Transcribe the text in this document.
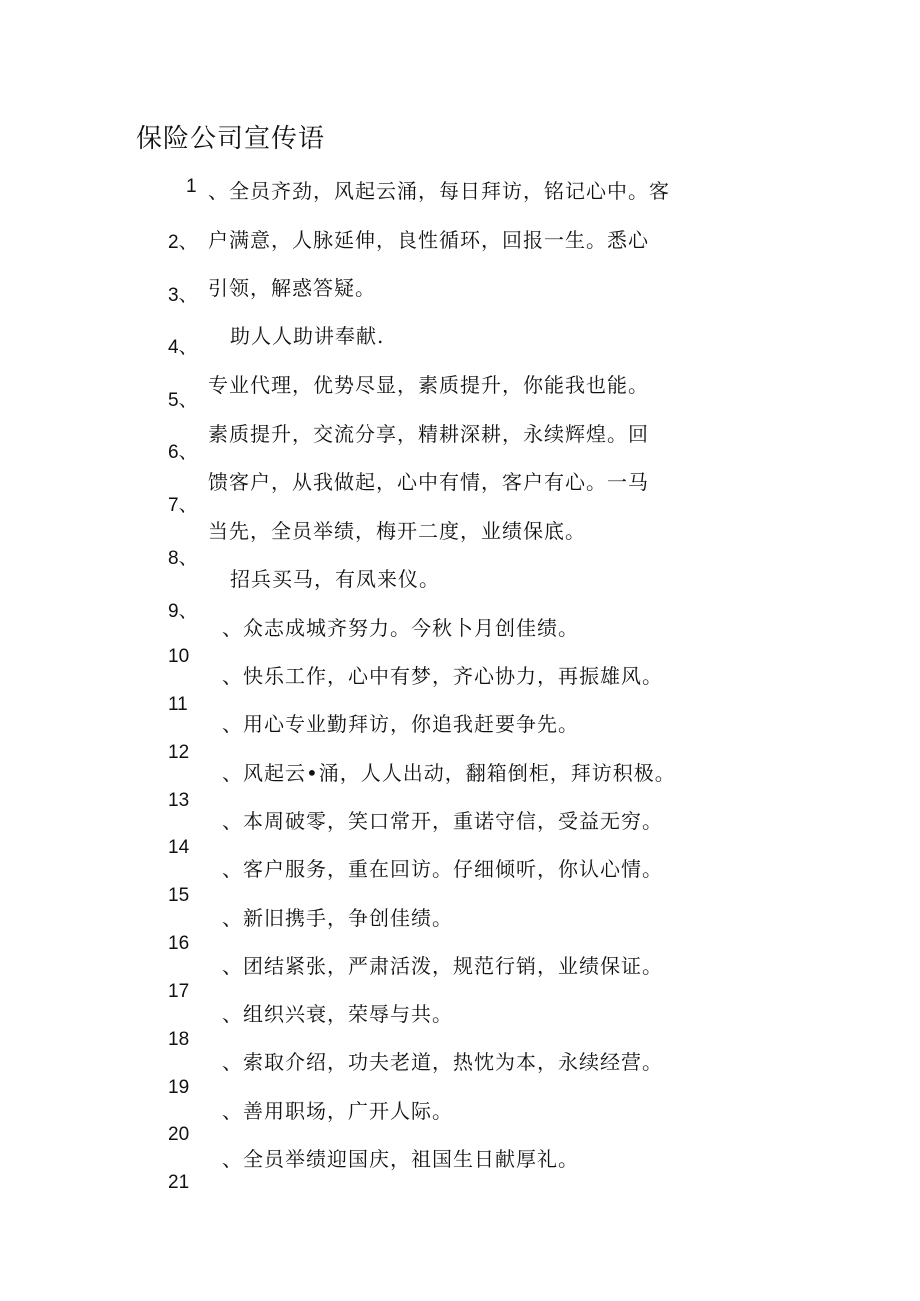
保险公司宣传语
1
2、
3、
4、
5、
6、
7、
8、
9、
10
11
12
13
14
15
16
17
18
19
20
21
、全员齐劲，风起云涌，每日拜访，铭记心中。客
户满意，人脉延伸，良性循环，回报一生。悉心
引领，解惑答疑。
助人人助讲奉献.
专业代理，优势尽显，素质提升，你能我也能。
素质提升，交流分享，精耕深耕，永续辉煌。回
馈客户，从我做起，心中有情，客户有心。一马
当先，全员举绩，梅开二度，业绩保底。
招兵买马，有凤来仪。
、众志成城齐努力。今秋卜月创佳绩。
、快乐工作，心中有梦，齐心协力，再振雄风。
、用心专业勤拜访，你追我赶要争先。
、风起云•涌，人人出动，翻箱倒柜，拜访积极。
、本周破零，笑口常开，重诺守信，受益无穷。
、客户服务，重在回访。仔细倾听，你认心情。
、新旧携手，争创佳绩。
、团结紧张，严肃活泼，规范行销，业绩保证。
、组织兴衰，荣辱与共。
、索取介绍，功夫老道，热忱为本，永续经营。
、善用职场，广开人际。
、全员举绩迎国庆，祖国生日献厚礼。
